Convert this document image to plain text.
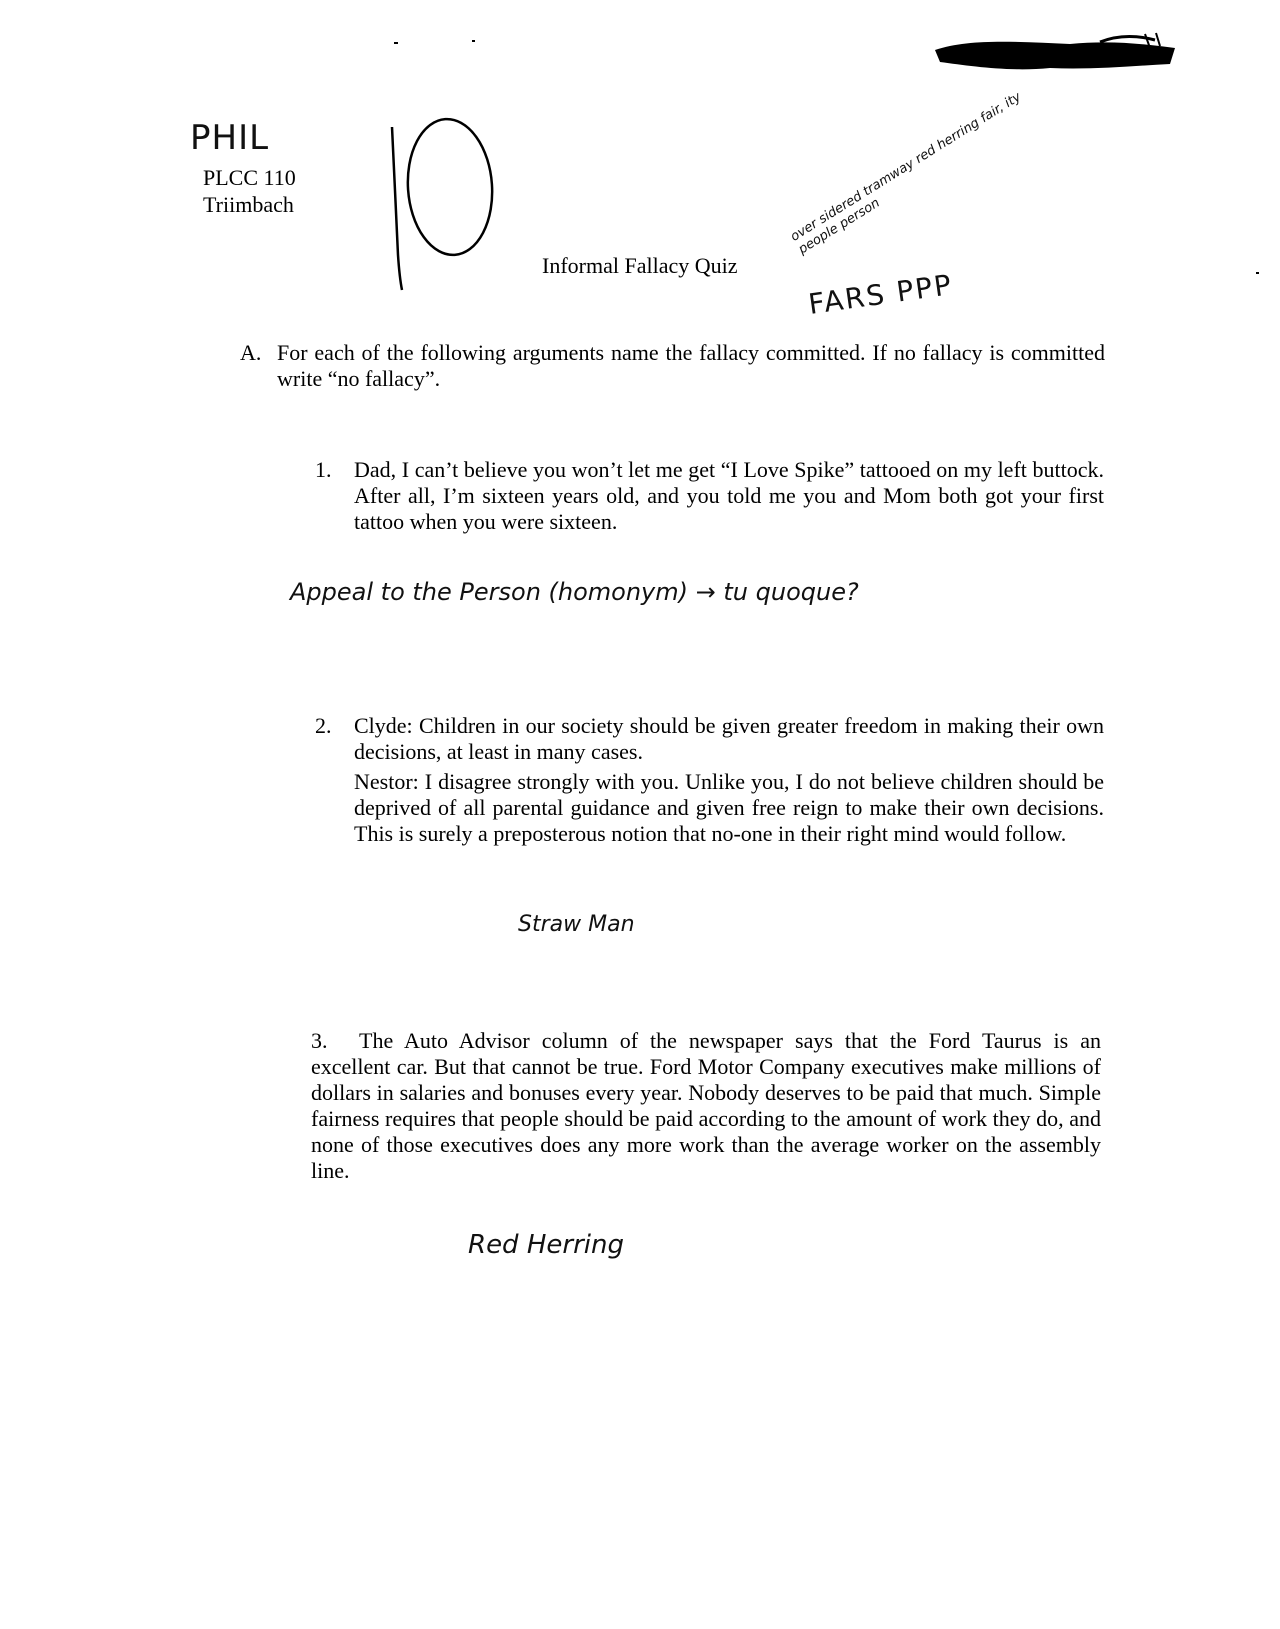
PHIL
PLCC 110
Triimbach
Informal Fallacy Quiz
over sidered tramway red herring fair, ity people person
FARS PPP
A. For each of the following arguments name the fallacy committed. If no fallacy is committed write “no fallacy”.
1. Dad, I can’t believe you won’t let me get “I Love Spike” tattooed on my left buttock. After all, I’m sixteen years old, and you told me you and Mom both got your first tattoo when you were sixteen.
Appeal to the Person (homonym) → tu quoque?
2. Clyde: Children in our society should be given greater freedom in making their own decisions, at least in many cases.
Nestor: I disagree strongly with you. Unlike you, I do not believe children should be deprived of all parental guidance and given free reign to make their own decisions. This is surely a preposterous notion that no-one in their right mind would follow.
Straw Man
3.	The Auto Advisor column of the newspaper says that the Ford Taurus is an excellent car. But that cannot be true. Ford Motor Company executives make millions of dollars in salaries and bonuses every year. Nobody deserves to be paid that much. Simple fairness requires that people should be paid according to the amount of work they do, and none of those executives does any more work than the average worker on the assembly line.
Red Herring
